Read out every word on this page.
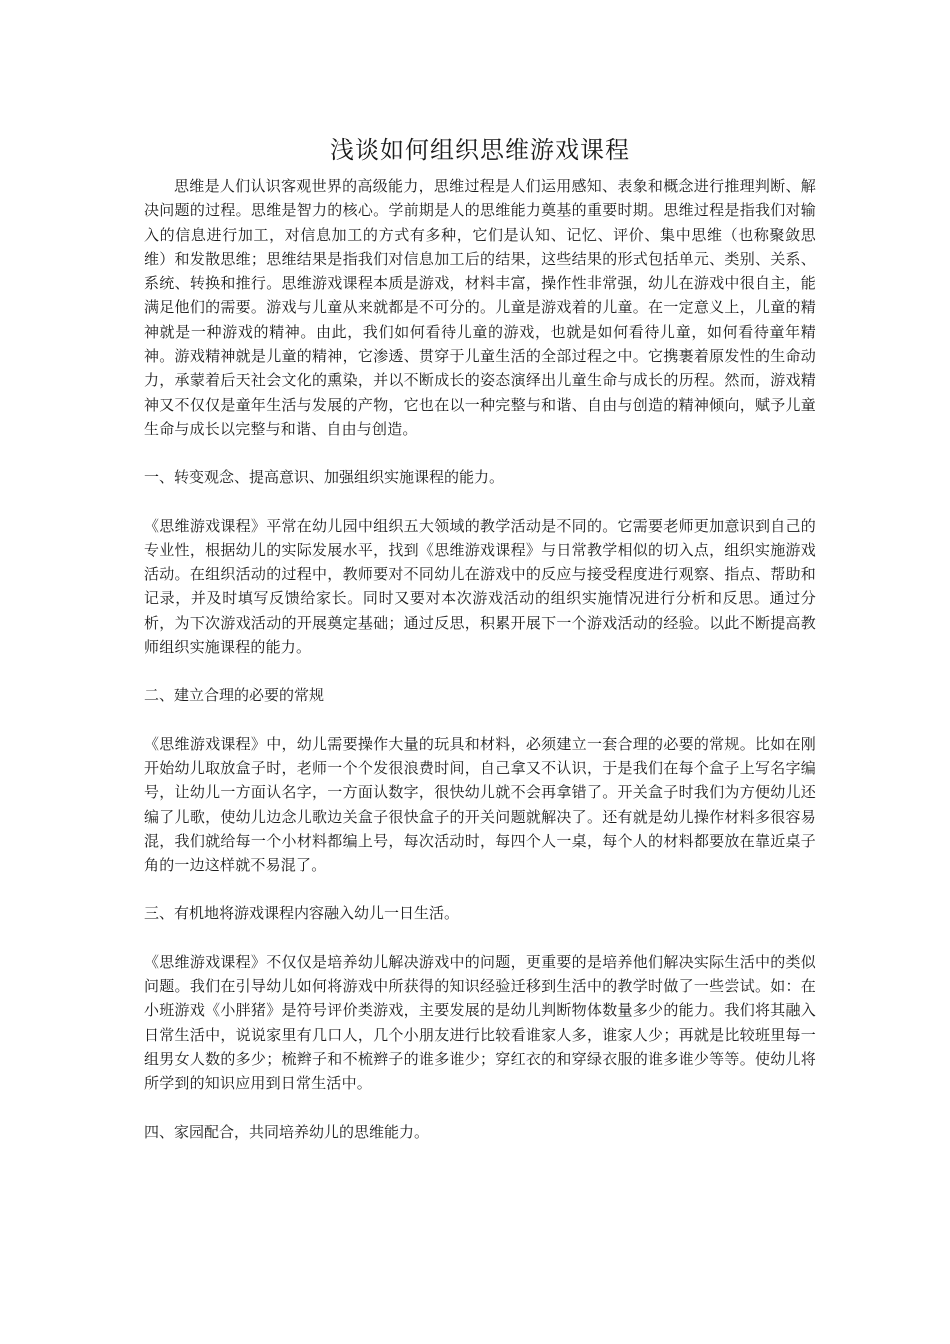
浅谈如何组织思维游戏课程

思维是人们认识客观世界的高级能力，思维过程是人们运用感知、表象和概念进行推理判断、解决问题的过程。思维是智力的核心。学前期是人的思维能力奠基的重要时期。思维过程是指我们对输入的信息进行加工，对信息加工的方式有多种，它们是认知、记忆、评价、集中思维（也称聚敛思维）和发散思维；思维结果是指我们对信息加工后的结果，这些结果的形式包括单元、类别、关系、系统、转换和推行。思维游戏课程本质是游戏，材料丰富，操作性非常强，幼儿在游戏中很自主，能满足他们的需要。游戏与儿童从来就都是不可分的。儿童是游戏着的儿童。在一定意义上，儿童的精神就是一种游戏的精神。由此，我们如何看待儿童的游戏，也就是如何看待儿童，如何看待童年精神。游戏精神就是儿童的精神，它渗透、贯穿于儿童生活的全部过程之中。它携裹着原发性的生命动力，承蒙着后天社会文化的熏染，并以不断成长的姿态演绎出儿童生命与成长的历程。然而，游戏精神又不仅仅是童年生活与发展的产物，它也在以一种完整与和谐、自由与创造的精神倾向，赋予儿童生命与成长以完整与和谐、自由与创造。

一、转变观念、提高意识、加强组织实施课程的能力。

《思维游戏课程》平常在幼儿园中组织五大领域的教学活动是不同的。它需要老师更加意识到自己的专业性，根据幼儿的实际发展水平，找到《思维游戏课程》与日常教学相似的切入点，组织实施游戏活动。在组织活动的过程中，教师要对不同幼儿在游戏中的反应与接受程度进行观察、指点、帮助和记录，并及时填写反馈给家长。同时又要对本次游戏活动的组织实施情况进行分析和反思。通过分析，为下次游戏活动的开展奠定基础；通过反思，积累开展下一个游戏活动的经验。以此不断提高教师组织实施课程的能力。

二、建立合理的必要的常规

《思维游戏课程》中，幼儿需要操作大量的玩具和材料，必须建立一套合理的必要的常规。比如在刚开始幼儿取放盒子时，老师一个个发很浪费时间，自己拿又不认识，于是我们在每个盒子上写名字编号，让幼儿一方面认名字，一方面认数字，很快幼儿就不会再拿错了。开关盒子时我们为方便幼儿还编了儿歌，使幼儿边念儿歌边关盒子很快盒子的开关问题就解决了。还有就是幼儿操作材料多很容易混，我们就给每一个小材料都编上号，每次活动时，每四个人一桌，每个人的材料都要放在靠近桌子角的一边这样就不易混了。

三、有机地将游戏课程内容融入幼儿一日生活。

《思维游戏课程》不仅仅是培养幼儿解决游戏中的问题，更重要的是培养他们解决实际生活中的类似问题。我们在引导幼儿如何将游戏中所获得的知识经验迁移到生活中的教学时做了一些尝试。如：在小班游戏《小胖猪》是符号评价类游戏，主要发展的是幼儿判断物体数量多少的能力。我们将其融入日常生活中，说说家里有几口人，几个小朋友进行比较看谁家人多，谁家人少；再就是比较班里每一组男女人数的多少；梳辫子和不梳辫子的谁多谁少；穿红衣的和穿绿衣服的谁多谁少等等。使幼儿将所学到的知识应用到日常生活中。

四、家园配合，共同培养幼儿的思维能力。
